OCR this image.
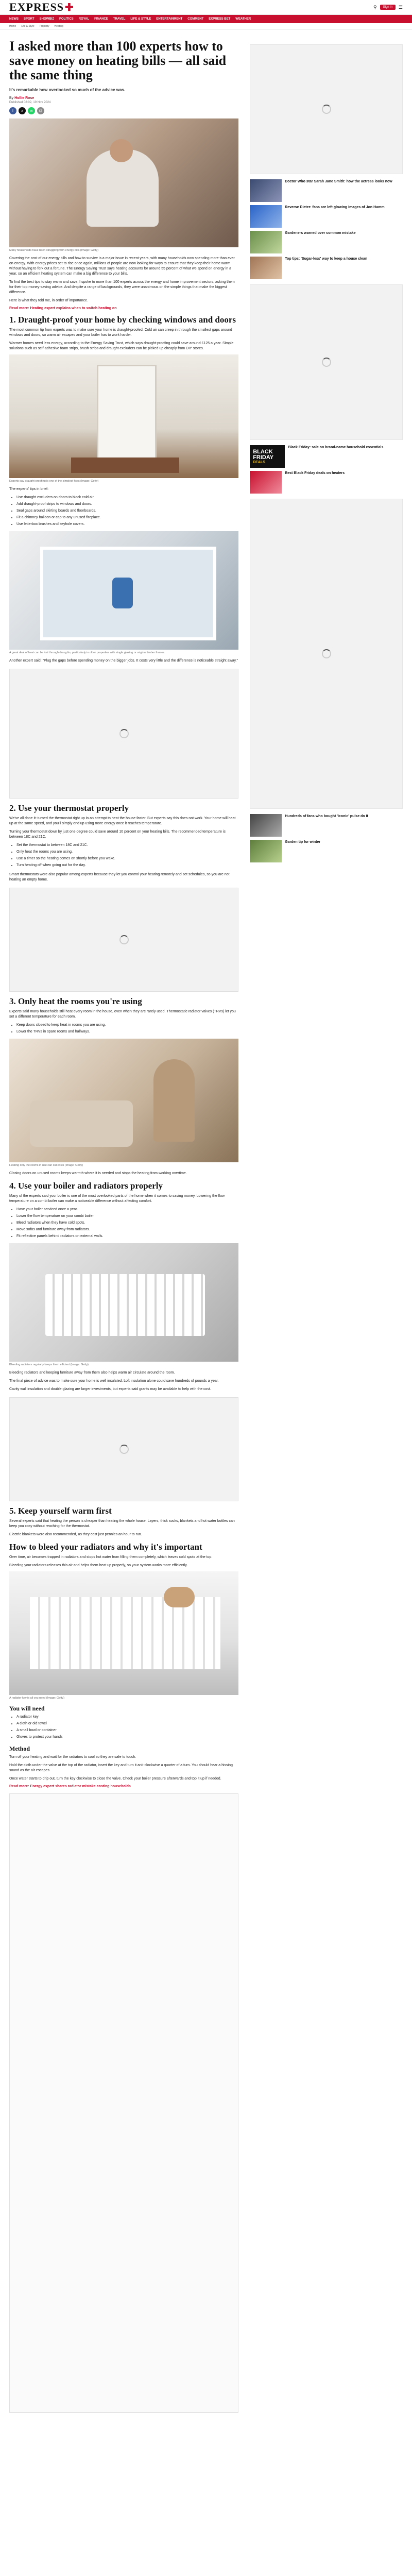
EXPRESS ✚	⚲	Sign in	☰
NEWS SPORT SHOWBIZ POLITICS ROYAL FINANCE TRAVEL LIFE & STYLE ENTERTAINMENT COMMENT EXPRESS BET WEATHER
Home Life & Style Property Heating
I asked more than 100 experts how to save money on heating bills — all said the same thing
It's remarkable how overlooked so much of the advice was.
By Hollie Rose
Published 08:02, 19 Nov 2024
f	x	w	@
Many households have been struggling with energy bills (Image: Getty)

Covering the cost of our energy bills and how to survive is a major issue in recent years, with many households now spending more than ever on energy. With energy prices set to rise once again, millions of people are now looking for ways to ensure that they keep their home warm without having to fork out a fortune. The Energy Saving Trust says heating accounts for around 55 percent of what we spend on energy in a year, so an efficient heating system can make a big difference to your bills.

To find the best tips to stay warm and save, I spoke to more than 100 experts across the energy and home improvement sectors, asking them for their top money-saving advice. And despite a range of backgrounds, they were unanimous on the simple things that make the biggest difference.

Here is what they told me, in order of importance.

Read more: Heating expert explains when to switch heating on
1. Draught-proof your home by checking windows and doors

The most common tip from experts was to make sure your home is draught-proofed. Cold air can creep in through the smallest gaps around windows and doors, so warm air escapes and your boiler has to work harder.

Warmer homes need less energy, according to the Energy Saving Trust, which says draught-proofing could save around £125 a year. Simple solutions such as self-adhesive foam strips, brush strips and draught excluders can be picked up cheaply from DIY stores.

Experts say draught-proofing is one of the simplest fixes (Image: Getty)

The experts' tips in brief:

• Use draught excluders on doors to block cold air.
• Add draught-proof strips to windows and doors.
• Seal gaps around skirting boards and floorboards.
• Fit a chimney balloon or cap to any unused fireplace.
• Use letterbox brushes and keyhole covers.
A great deal of heat can be lost through draughts, particularly in older properties with single glazing or original timber frames.

Another expert said: "Plug the gaps before spending money on the bigger jobs. It costs very little and the difference is noticeable straight away."

2. Use your thermostat properly

We've all done it: turned the thermostat right up in an attempt to heat the house faster. But experts say this does not work. Your home will heat up at the same speed, and you'll simply end up using more energy once it reaches temperature.

Turning your thermostat down by just one degree could save around 10 percent on your heating bills. The recommended temperature is between 18C and 21C.

• Set the thermostat to between 18C and 21C.
• Only heat the rooms you are using.
• Use a timer so the heating comes on shortly before you wake.
• Turn heating off when going out for the day.

Smart thermostats were also popular among experts because they let you control your heating remotely and set schedules, so you are not heating an empty home.

3. Only heat the rooms you're using

Experts said many households still heat every room in the house, even when they are rarely used. Thermostatic radiator valves (TRVs) let you set a different temperature for each room.

• Keep doors closed to keep heat in rooms you are using.
• Lower the TRVs in spare rooms and hallways.
Heating only the rooms in use can cut costs (Image: Getty)

Closing doors on unused rooms keeps warmth where it is needed and stops the heating from working overtime.

4. Use your boiler and radiators properly

Many of the experts said your boiler is one of the most overlooked parts of the home when it comes to saving money. Lowering the flow temperature on a combi boiler can make a noticeable difference without affecting comfort.

• Have your boiler serviced once a year.
• Lower the flow temperature on your combi boiler.
• Bleed radiators when they have cold spots.
• Move sofas and furniture away from radiators.
• Fit reflective panels behind radiators on external walls.
Bleeding radiators regularly keeps them efficient (Image: Getty)

Bleeding radiators and keeping furniture away from them also helps warm air circulate around the room.

The final piece of advice was to make sure your home is well insulated. Loft insulation alone could save hundreds of pounds a year.

Cavity wall insulation and double glazing are larger investments, but experts said grants may be available to help with the cost.

5. Keep yourself warm first

Several experts said that heating the person is cheaper than heating the whole house. Layers, thick socks, blankets and hot water bottles can keep you cosy without reaching for the thermostat.

Electric blankets were also recommended, as they cost just pennies an hour to run.

How to bleed your radiators and why it's important

Over time, air becomes trapped in radiators and stops hot water from filling them completely, which leaves cold spots at the top.

Bleeding your radiators releases this air and helps them heat up properly, so your system works more efficiently.

A radiator key is all you need (Image: Getty)
You will need
• A radiator key
• A cloth or old towel
• A small bowl or container
• Gloves to protect your hands
Method

Turn off your heating and wait for the radiators to cool so they are safe to touch.

Hold the cloth under the valve at the top of the radiator, insert the key and turn it anti-clockwise a quarter of a turn. You should hear a hissing sound as the air escapes.

Once water starts to drip out, turn the key clockwise to close the valve. Check your boiler pressure afterwards and top it up if needed.

Read more: Energy expert shares radiator mistake costing households
Doctor Who star Sarah Jane Smith: how the actress looks now
Reverse Dieter: fans are left glowing images of Jon Hamm
Gardeners warned over common mistake
Top tips: 'Sugar-less' way to keep a house clean
BLACK FRIDAY
DEALS
Black Friday: sale on brand-name household essentials
Best Black Friday deals on heaters
Hundreds of fans who bought 'iconic' pulse do it
Garden tip for winter
